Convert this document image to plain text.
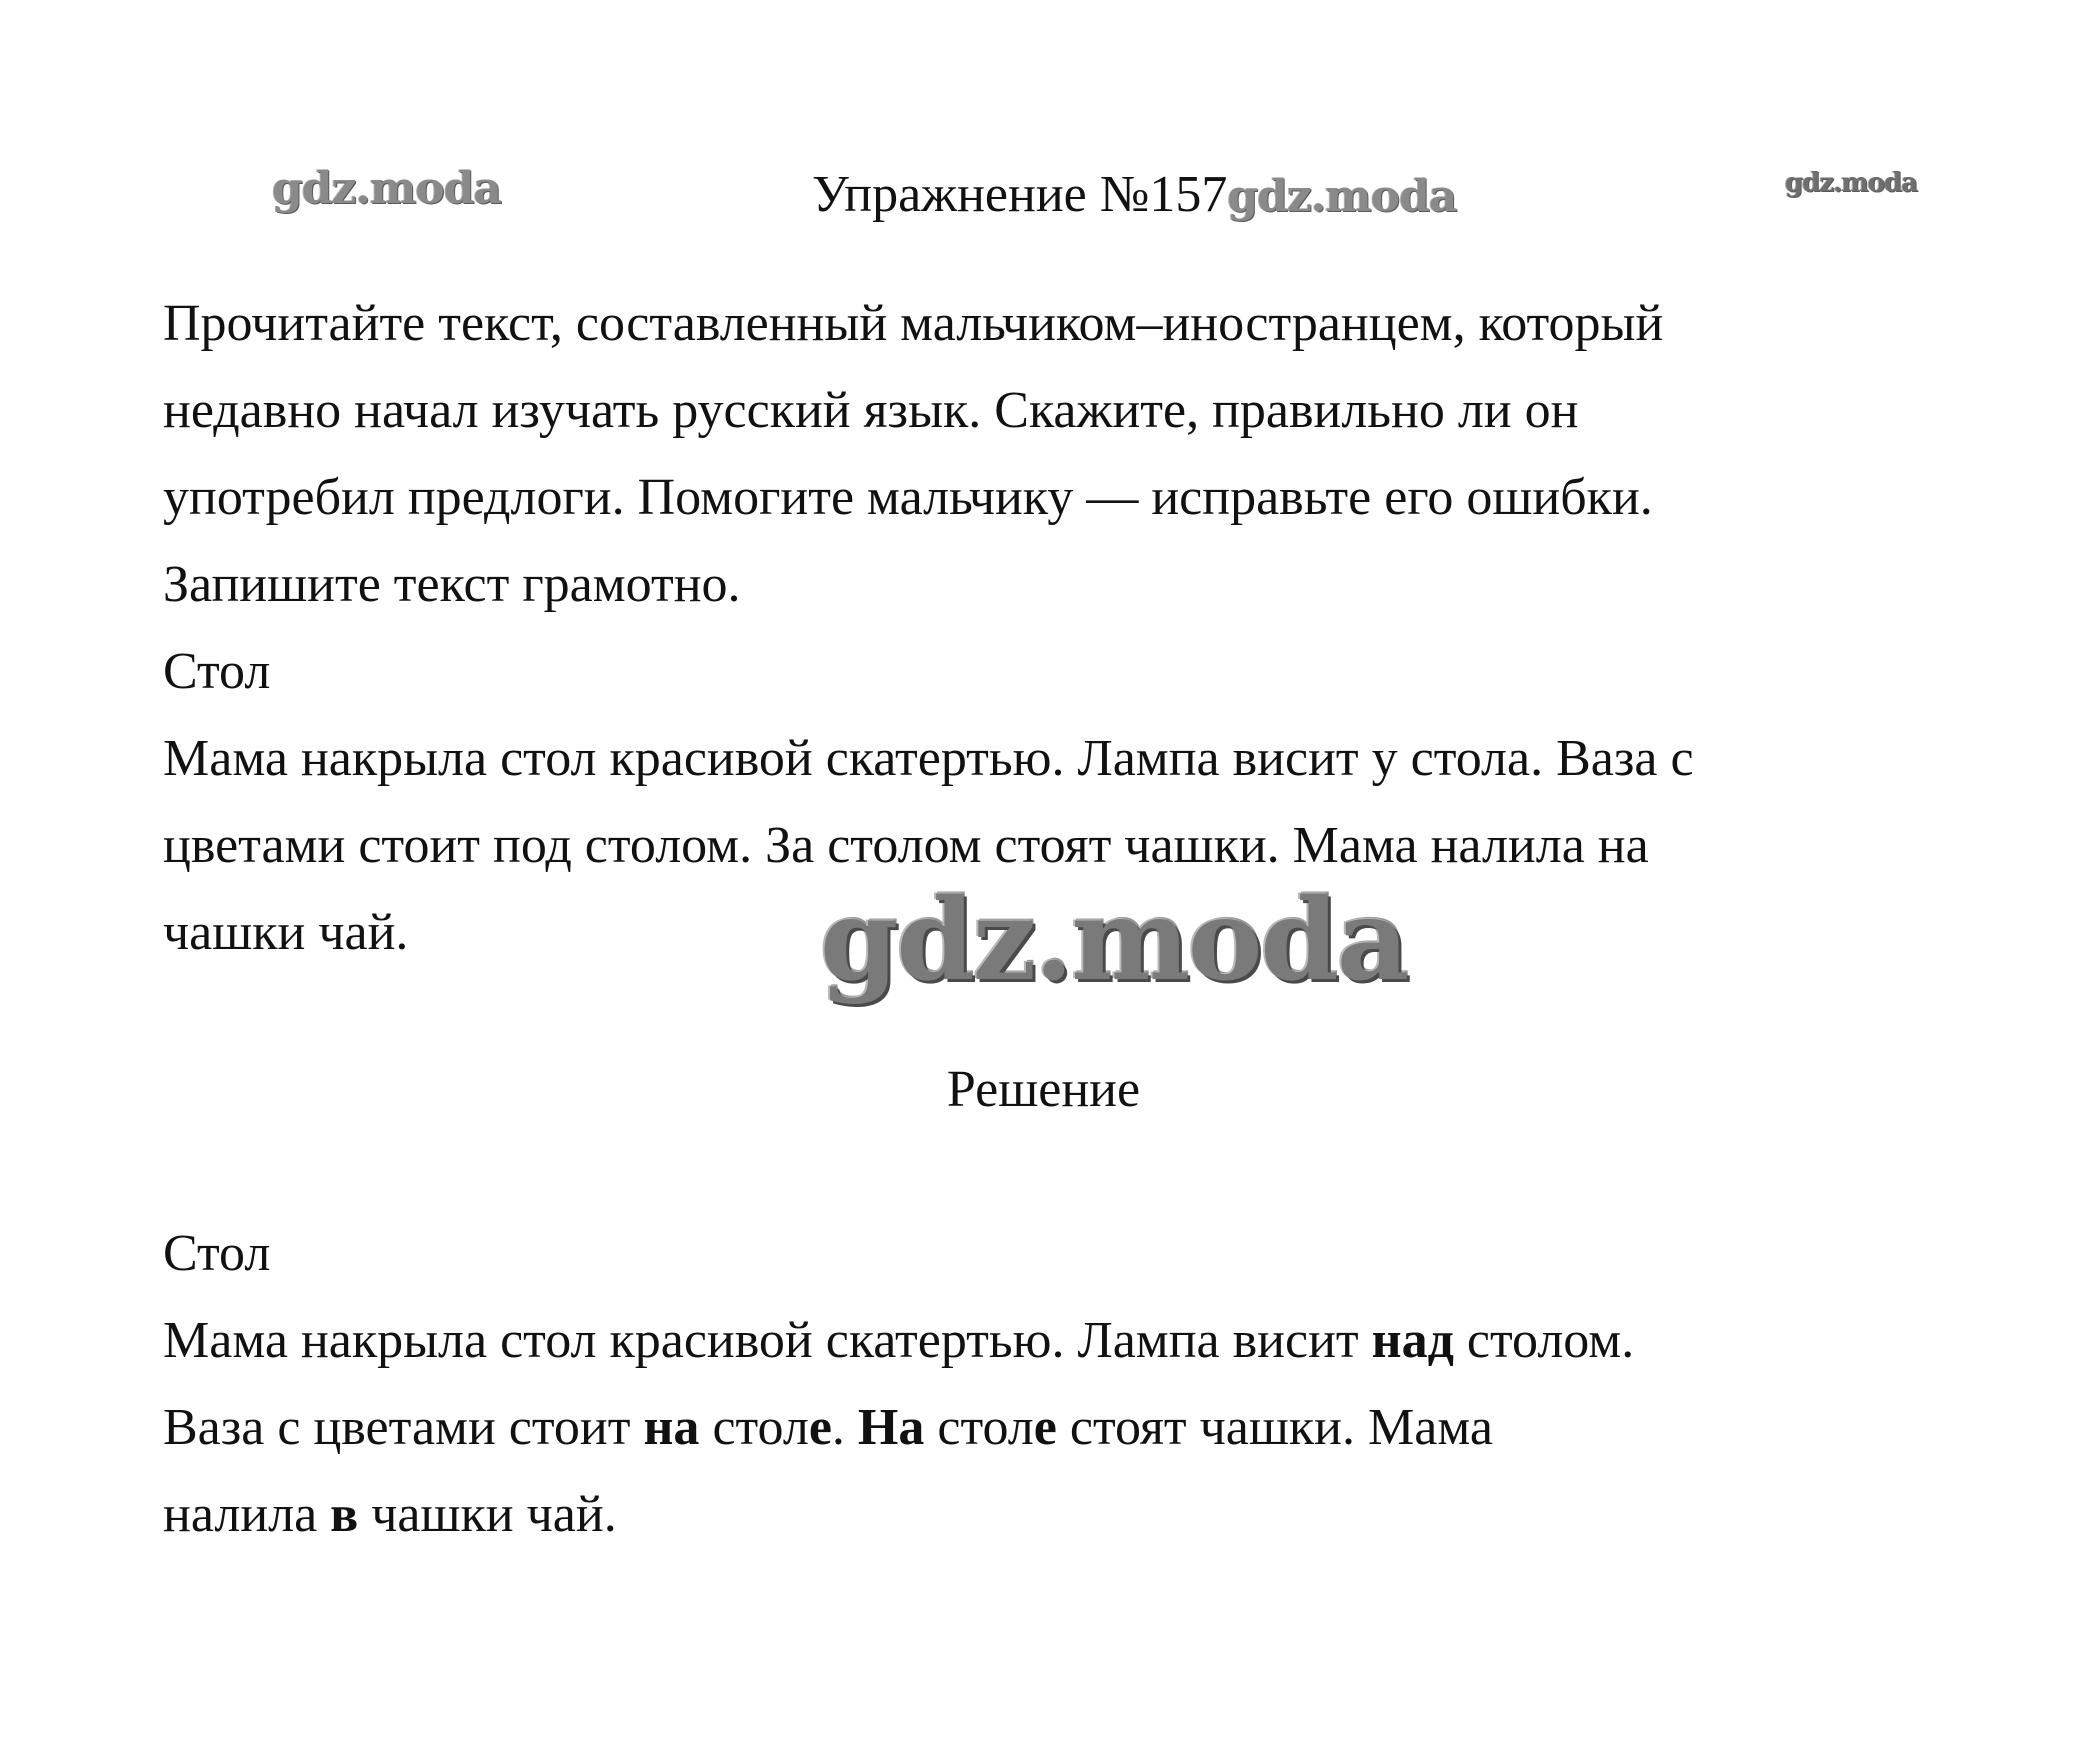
gdz.moda	gdz.moda
Упражнение №157gdz.moda

Прочитайте текст, составленный мальчиком–иностранцем, который

недавно начал изучать русский язык. Скажите, правильно ли он

употребил предлоги. Помогите мальчику — исправьте его ошибки.

Запишите текст грамотно.

Стол

Мама накрыла стол красивой скатертью. Лампа висит у стола. Ваза с

цветами стоит под столом. За столом стоят чашки. Мама налила на

чашки чай.	gdz.moda
Решение

Стол

Мама накрыла стол красивой скатертью. Лампа висит над столом.

Ваза с цветами стоит на столе. На столе стоят чашки. Мама

налила в чашки чай.
